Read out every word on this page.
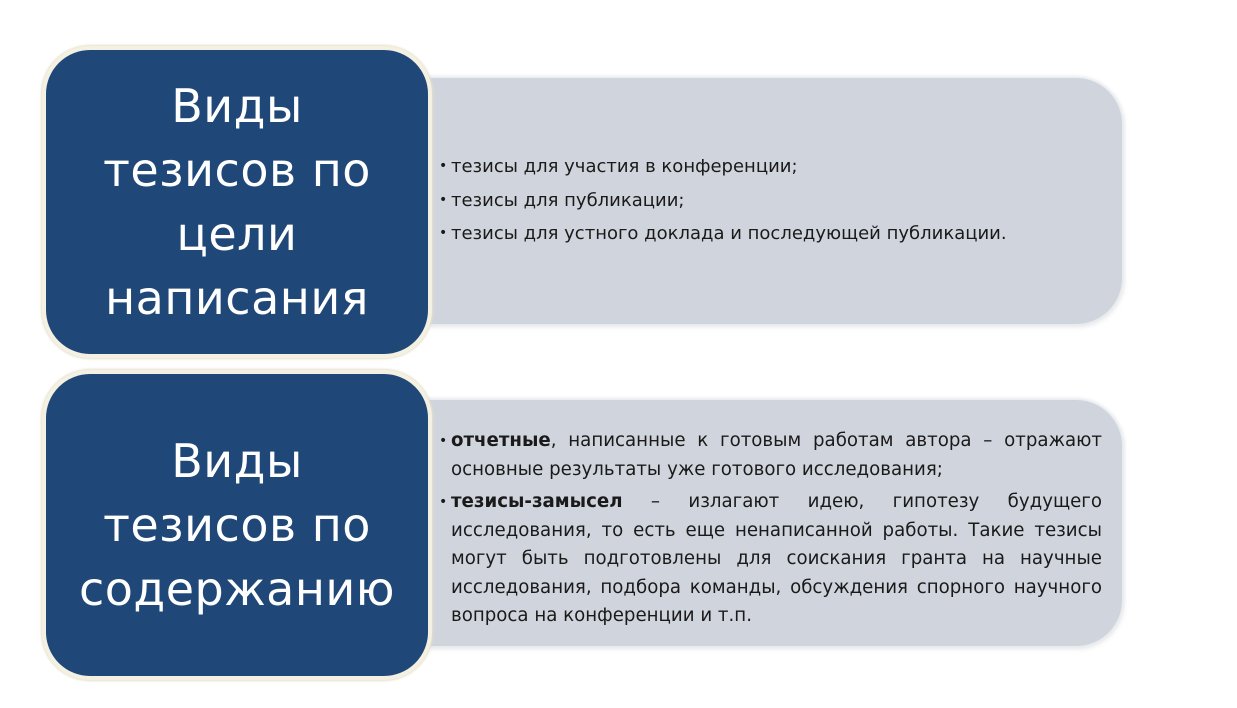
Виды
тезисов по
цели
написания
• тезисы для участия в конференции;
• тезисы для публикации;
• тезисы для устного доклада и последующей публикации.
Виды
тезисов по
содержанию
• отчетные, написанные к готовым работам автора – отражают основные результаты уже готового исследования;
• тезисы-замысел – излагают идею, гипотезу будущего исследования, то есть еще ненаписанной работы. Такие тезисы могут быть подготовлены для соискания гранта на научные исследования, подбора команды, обсуждения спорного научного вопроса на конференции и т.п.
